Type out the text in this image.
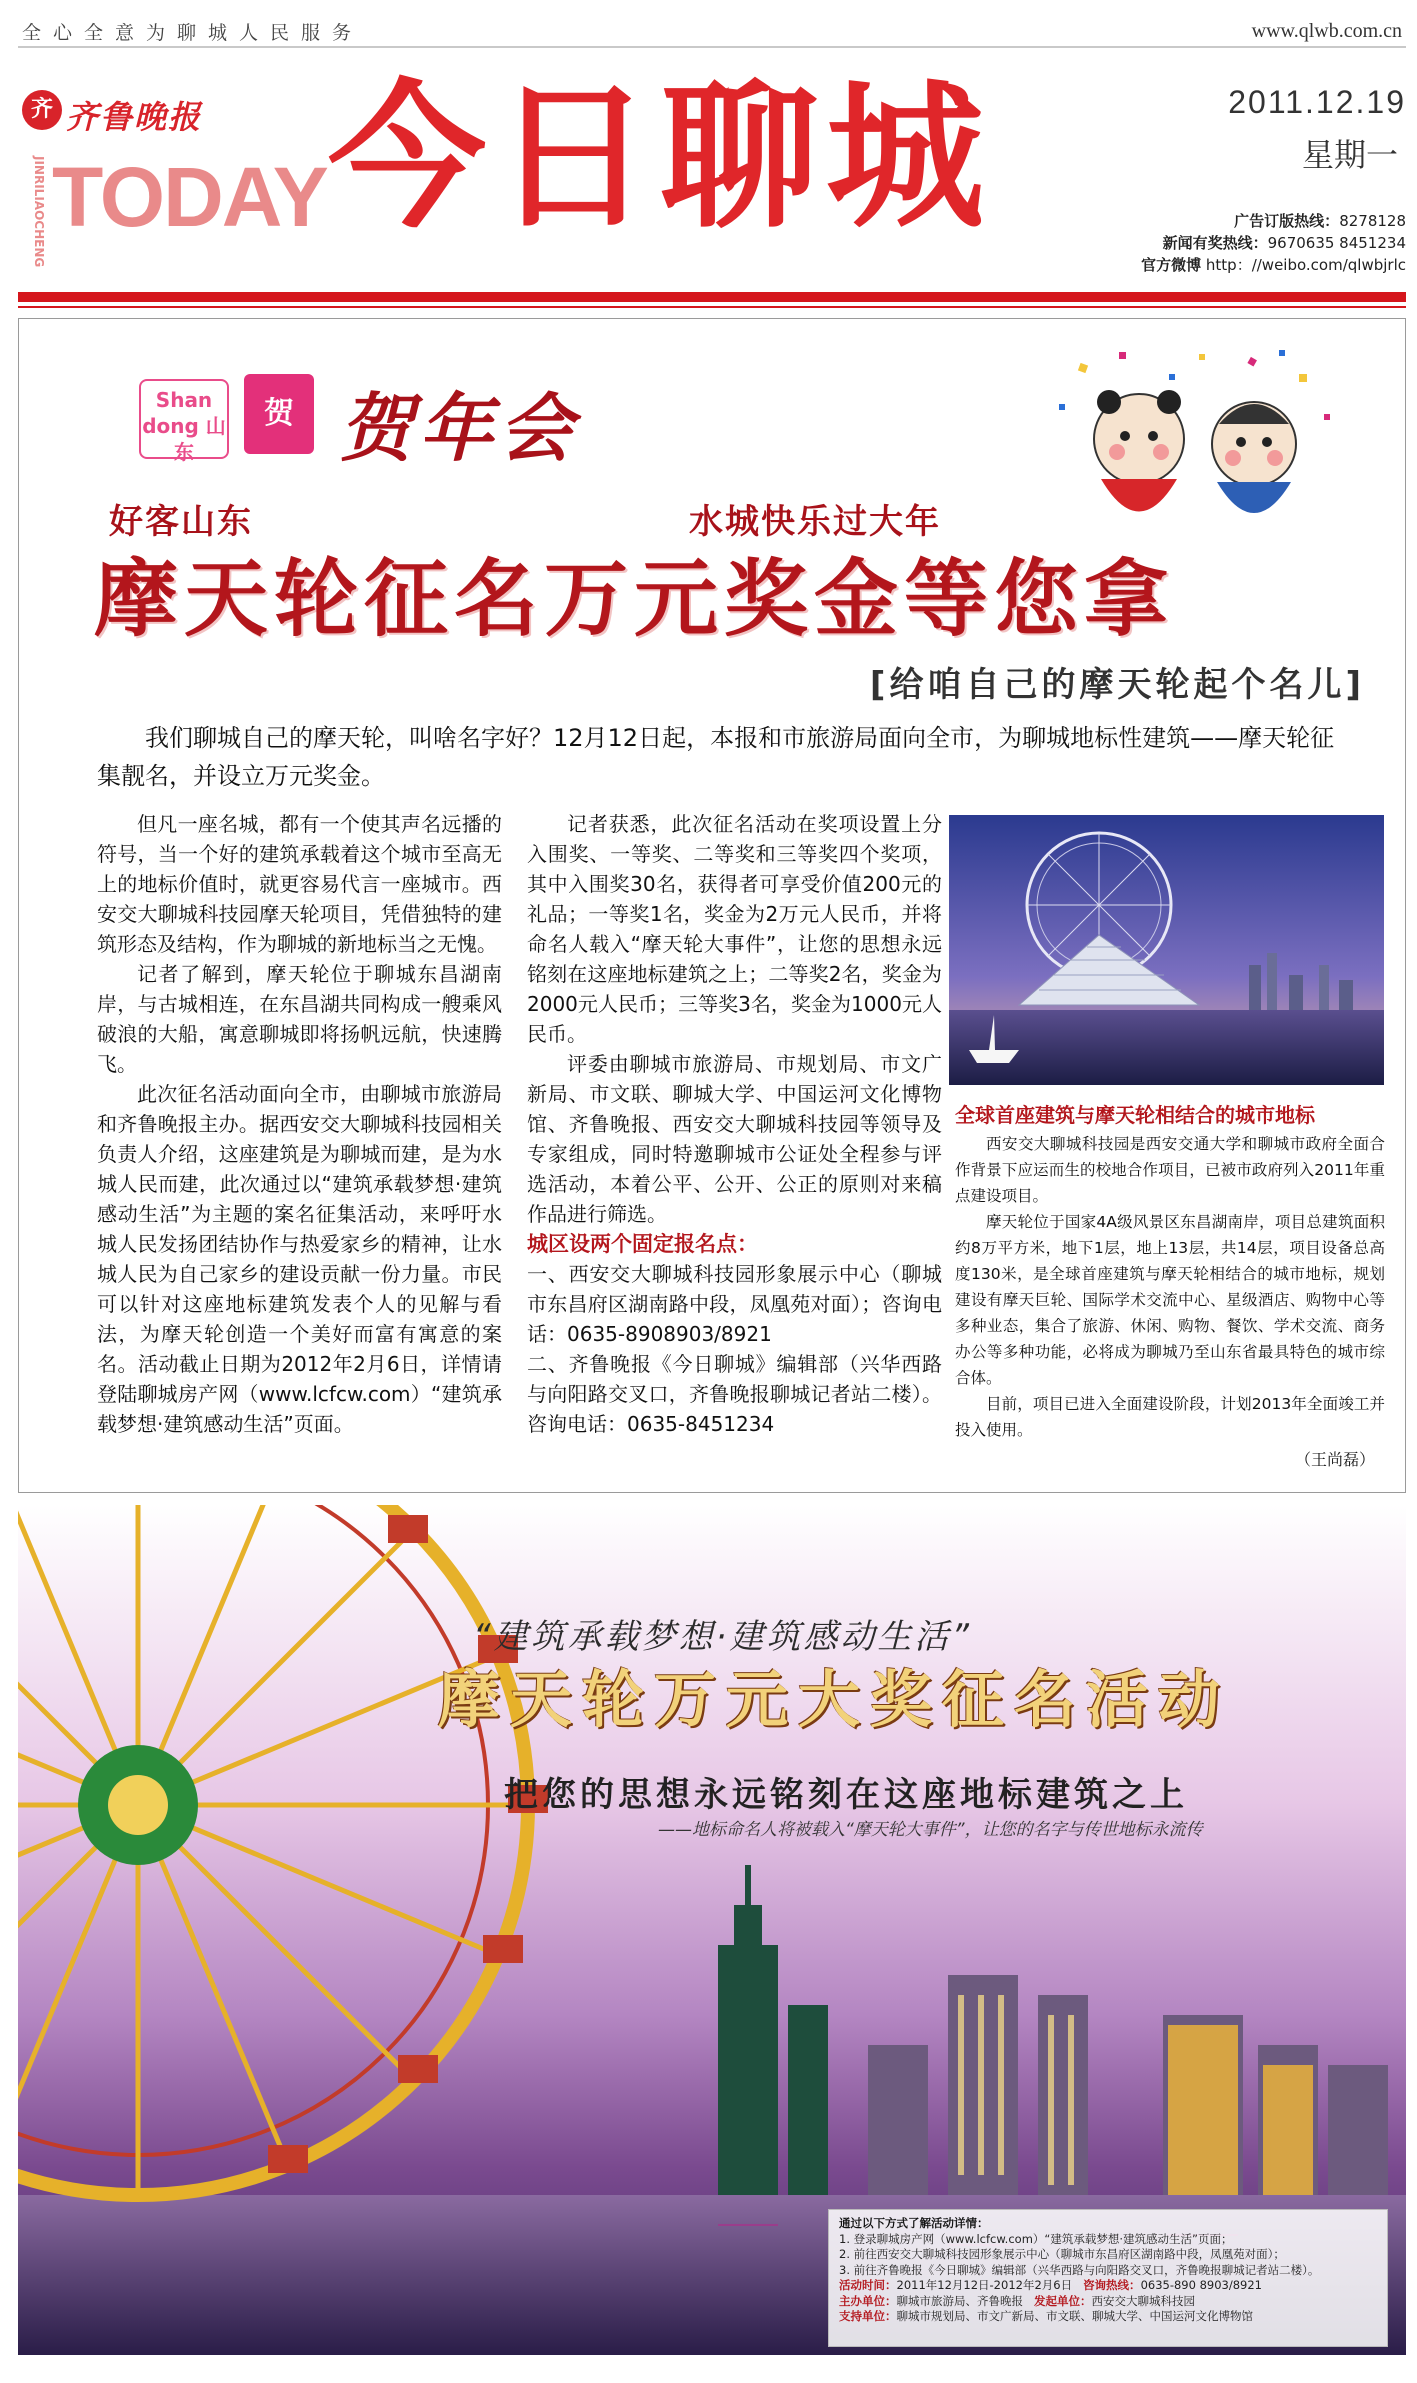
全心全意为聊城人民服务	www.qlwb.com.cn
齐 齐鲁晚报
JINRILIAOCHENG TODAY 今日聊城	2011.12.19
星期一
广告订版热线：8278128
新闻有奖热线：9670635 8451234
官方微博 http：//weibo.com/qlwbjrlc
Shan dong 山东
贺 贺年会
好客山东	水城快乐过大年
摩天轮征名万元奖金等您拿
[给咱自己的摩天轮起个名儿]

我们聊城自己的摩天轮，叫啥名字好？12月12日起，本报和市旅游局面向全市，为聊城地标性建筑——摩天轮征集靓名，并设立万元奖金。

但凡一座名城，都有一个使其声名远播的符号，当一个好的建筑承载着这个城市至高无上的地标价值时，就更容易代言一座城市。西安交大聊城科技园摩天轮项目，凭借独特的建筑形态及结构，作为聊城的新地标当之无愧。

记者了解到，摩天轮位于聊城东昌湖南岸，与古城相连，在东昌湖共同构成一艘乘风破浪的大船，寓意聊城即将扬帆远航，快速腾飞。

此次征名活动面向全市，由聊城市旅游局和齐鲁晚报主办。据西安交大聊城科技园相关负责人介绍，这座建筑是为聊城而建，是为水城人民而建，此次通过以“建筑承载梦想·建筑感动生活”为主题的案名征集活动，来呼吁水城人民发扬团结协作与热爱家乡的精神，让水城人民为自己家乡的建设贡献一份力量。市民可以针对这座地标建筑发表个人的见解与看法，为摩天轮创造一个美好而富有寓意的案名。活动截止日期为2012年2月6日，详情请登陆聊城房产网（www.lcfcw.com）“建筑承载梦想·建筑感动生活”页面。

记者获悉，此次征名活动在奖项设置上分入围奖、一等奖、二等奖和三等奖四个奖项，其中入围奖30名，获得者可享受价值200元的礼品；一等奖1名，奖金为2万元人民币，并将命名人载入“摩天轮大事件”，让您的思想永远铭刻在这座地标建筑之上；二等奖2名，奖金为2000元人民币；三等奖3名，奖金为1000元人民币。

评委由聊城市旅游局、市规划局、市文广新局、市文联、聊城大学、中国运河文化博物馆、齐鲁晚报、西安交大聊城科技园等领导及专家组成，同时特邀聊城市公证处全程参与评选活动，本着公平、公开、公正的原则对来稿作品进行筛选。

城区设两个固定报名点：

一、西安交大聊城科技园形象展示中心（聊城市东昌府区湖南路中段，凤凰苑对面）；咨询电话：0635-8908903/8921

二、齐鲁晚报《今日聊城》编辑部（兴华西路与向阳路交叉口，齐鲁晚报聊城记者站二楼）。咨询电话：0635-8451234

全球首座建筑与摩天轮相结合的城市地标

西安交大聊城科技园是西安交通大学和聊城市政府全面合作背景下应运而生的校地合作项目，已被市政府列入2011年重点建设项目。

摩天轮位于国家4A级风景区东昌湖南岸，项目总建筑面积约8万平方米，地下1层，地上13层，共14层，项目设备总高度130米，是全球首座建筑与摩天轮相结合的城市地标，规划建设有摩天巨轮、国际学术交流中心、星级酒店、购物中心等多种业态，集合了旅游、休闲、购物、餐饮、学术交流、商务办公等多种功能，必将成为聊城乃至山东省最具特色的城市综合体。

目前，项目已进入全面建设阶段，计划2013年全面竣工并投入使用。

（王尚磊）
“建筑承载梦想·建筑感动生活”
摩天轮万元大奖征名活动
把您的思想永远铭刻在这座地标建筑之上
——地标命名人将被载入“摩天轮大事件”，让您的名字与传世地标永流传
通过以下方式了解活动详情：
1. 登录聊城房产网（www.lcfcw.com）“建筑承载梦想·建筑感动生活”页面；
2. 前往西安交大聊城科技园形象展示中心（聊城市东昌府区湖南路中段，凤凰苑对面）；
3. 前往齐鲁晚报《今日聊城》编辑部（兴华西路与向阳路交叉口，齐鲁晚报聊城记者站二楼）。
活动时间：2011年12月12日-2012年2月6日 咨询热线：0635-890 8903/8921
主办单位：聊城市旅游局、齐鲁晚报 发起单位：西安交大聊城科技园
支持单位：聊城市规划局、市文广新局、市文联、聊城大学、中国运河文化博物馆
